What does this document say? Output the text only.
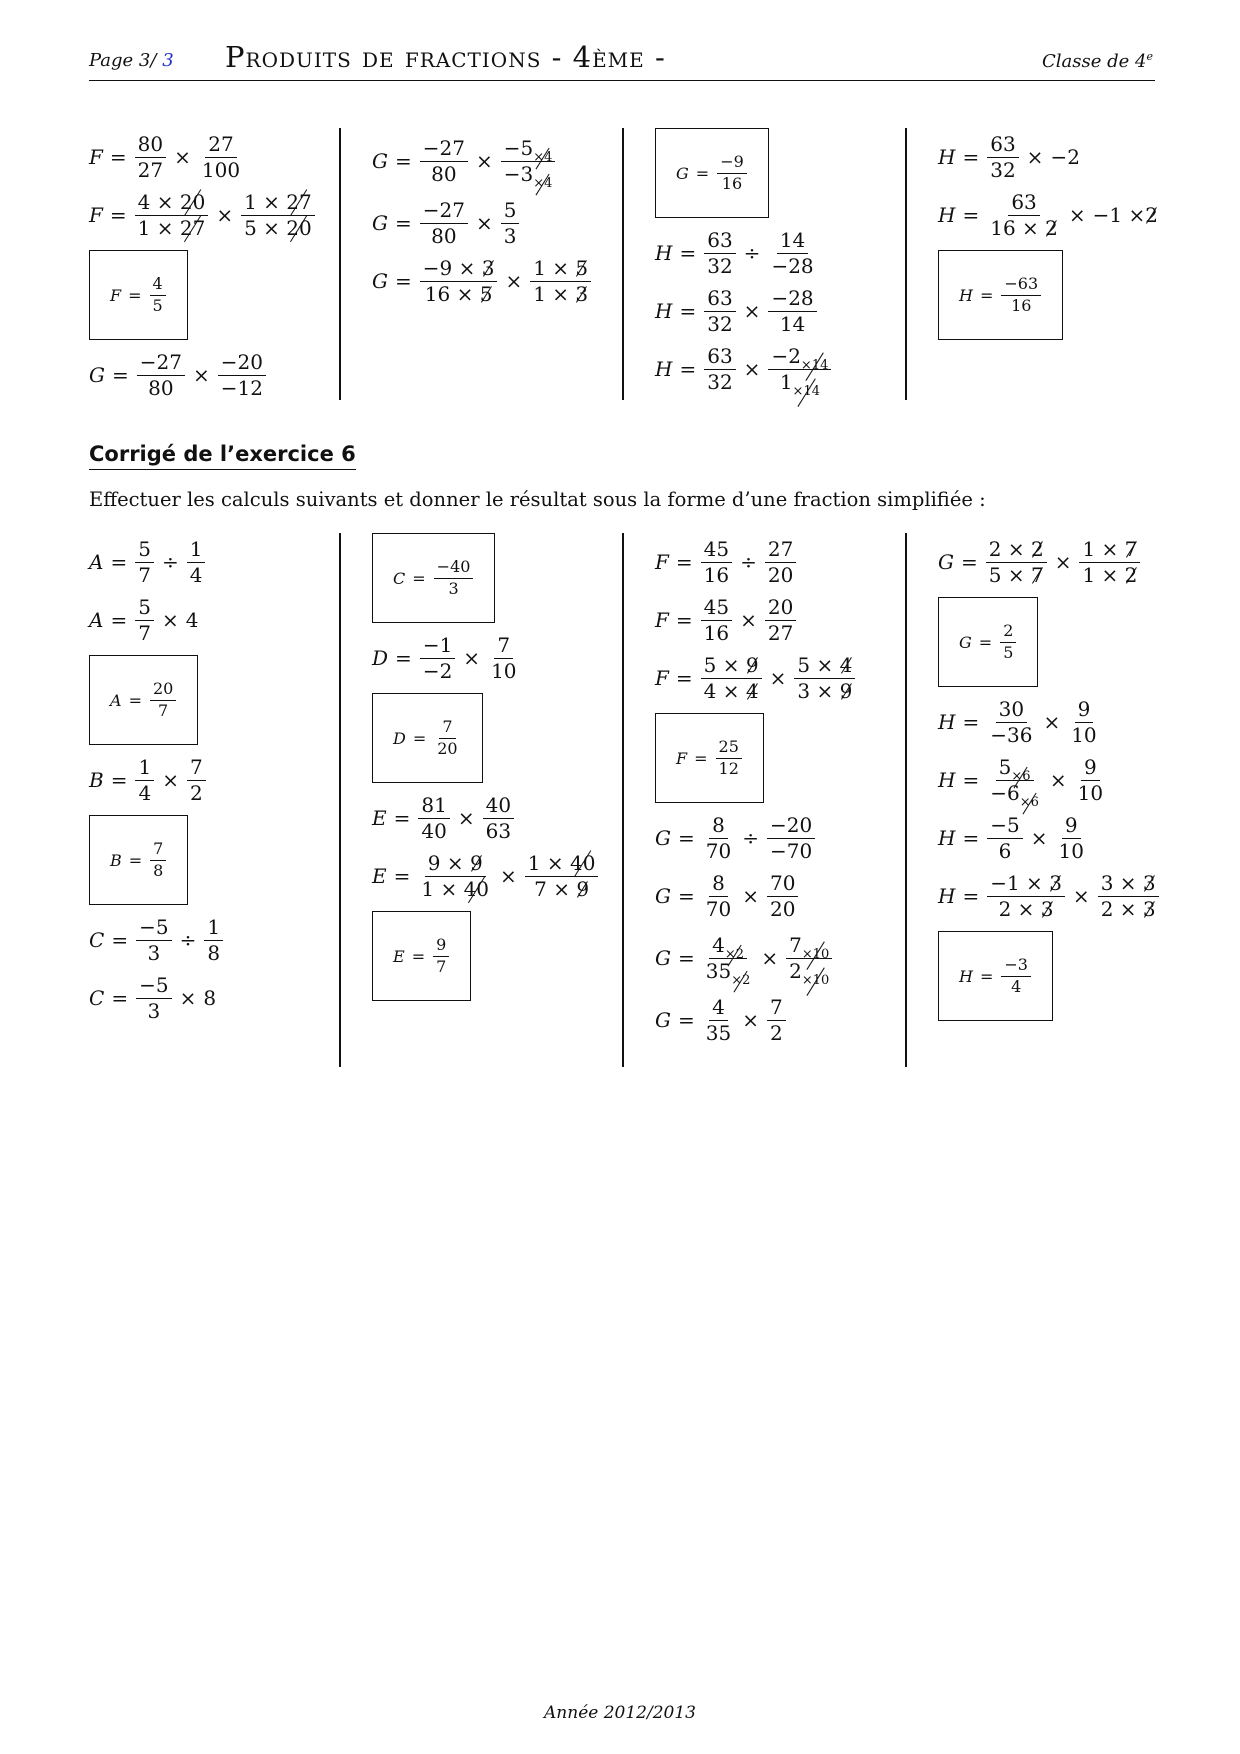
Page 3/ 3 Produits de fractions - 4ème -	Classe de 4e
$F = \frac{80}{27} \times \frac{27}{100}$
$F = \frac{4 \times 20}{1 \times 27} \times \frac{1 \times 27}{5 \times 20}$
$F = \frac{4}{5}$
$G = \frac{-27}{80} \times \frac{-20}{-12}$
$G = \frac{-27}{80} \times \frac{-5\times 4}{-3\times 4}$
$G = \frac{-27}{80} \times \frac{5}{3}$
$G = \frac{-9 \times 3}{16 \times 5} \times \frac{1 \times 5}{1 \times 3}$
$G = \frac{-9}{16}$
$H = \frac{63}{32} \div \frac{14}{-28}$
$H = \frac{63}{32} \times \frac{-28}{14}$
$H = \frac{63}{32} \times \frac{-2\times 14}{1\times 14}$
$H = \frac{63}{32} \times -2$
$H = \frac{63}{16 \times 2} \times -1 \times 2$
$H = \frac{-63}{16}$
Corrigé de l’exercice 6
Effectuer les calculs suivants et donner le résultat sous la forme d’une fraction simplifiée :
$A = \frac{5}{7} \div \frac{1}{4}$
$A = \frac{5}{7} \times 4$
$A = \frac{20}{7}$
$B = \frac{1}{4} \times \frac{7}{2}$
$B = \frac{7}{8}$
$C = \frac{-5}{3} \div \frac{1}{8}$
$C = \frac{-5}{3} \times 8$
$C = \frac{-40}{3}$
$D = \frac{-1}{-2} \times \frac{7}{10}$
$D = \frac{7}{20}$
$E = \frac{81}{40} \times \frac{40}{63}$
$E = \frac{9 \times 9}{1 \times 40} \times \frac{1 \times 40}{7 \times 9}$
$E = \frac{9}{7}$
$F = \frac{45}{16} \div \frac{27}{20}$
$F = \frac{45}{16} \times \frac{20}{27}$
$F = \frac{5 \times 9}{4 \times 4} \times \frac{5 \times 4}{3 \times 9}$
$F = \frac{25}{12}$
$G = \frac{8}{70} \div \frac{-20}{-70}$
$G = \frac{8}{70} \times \frac{70}{20}$
$G = \frac{4\times 2}{35\times 2} \times \frac{7\times 10}{2\times 10}$
$G = \frac{4}{35} \times \frac{7}{2}$
$G = \frac{2 \times 2}{5 \times 7} \times \frac{1 \times 7}{1 \times 2}$
$G = \frac{2}{5}$
$H = \frac{30}{-36} \times \frac{9}{10}$
$H = \frac{5\times 6}{-6\times 6} \times \frac{9}{10}$
$H = \frac{-5}{6} \times \frac{9}{10}$
$H = \frac{-1 \times 3}{2 \times 3} \times \frac{3 \times 3}{2 \times 3}$
$H = \frac{-3}{4}$
Année 2012/2013
